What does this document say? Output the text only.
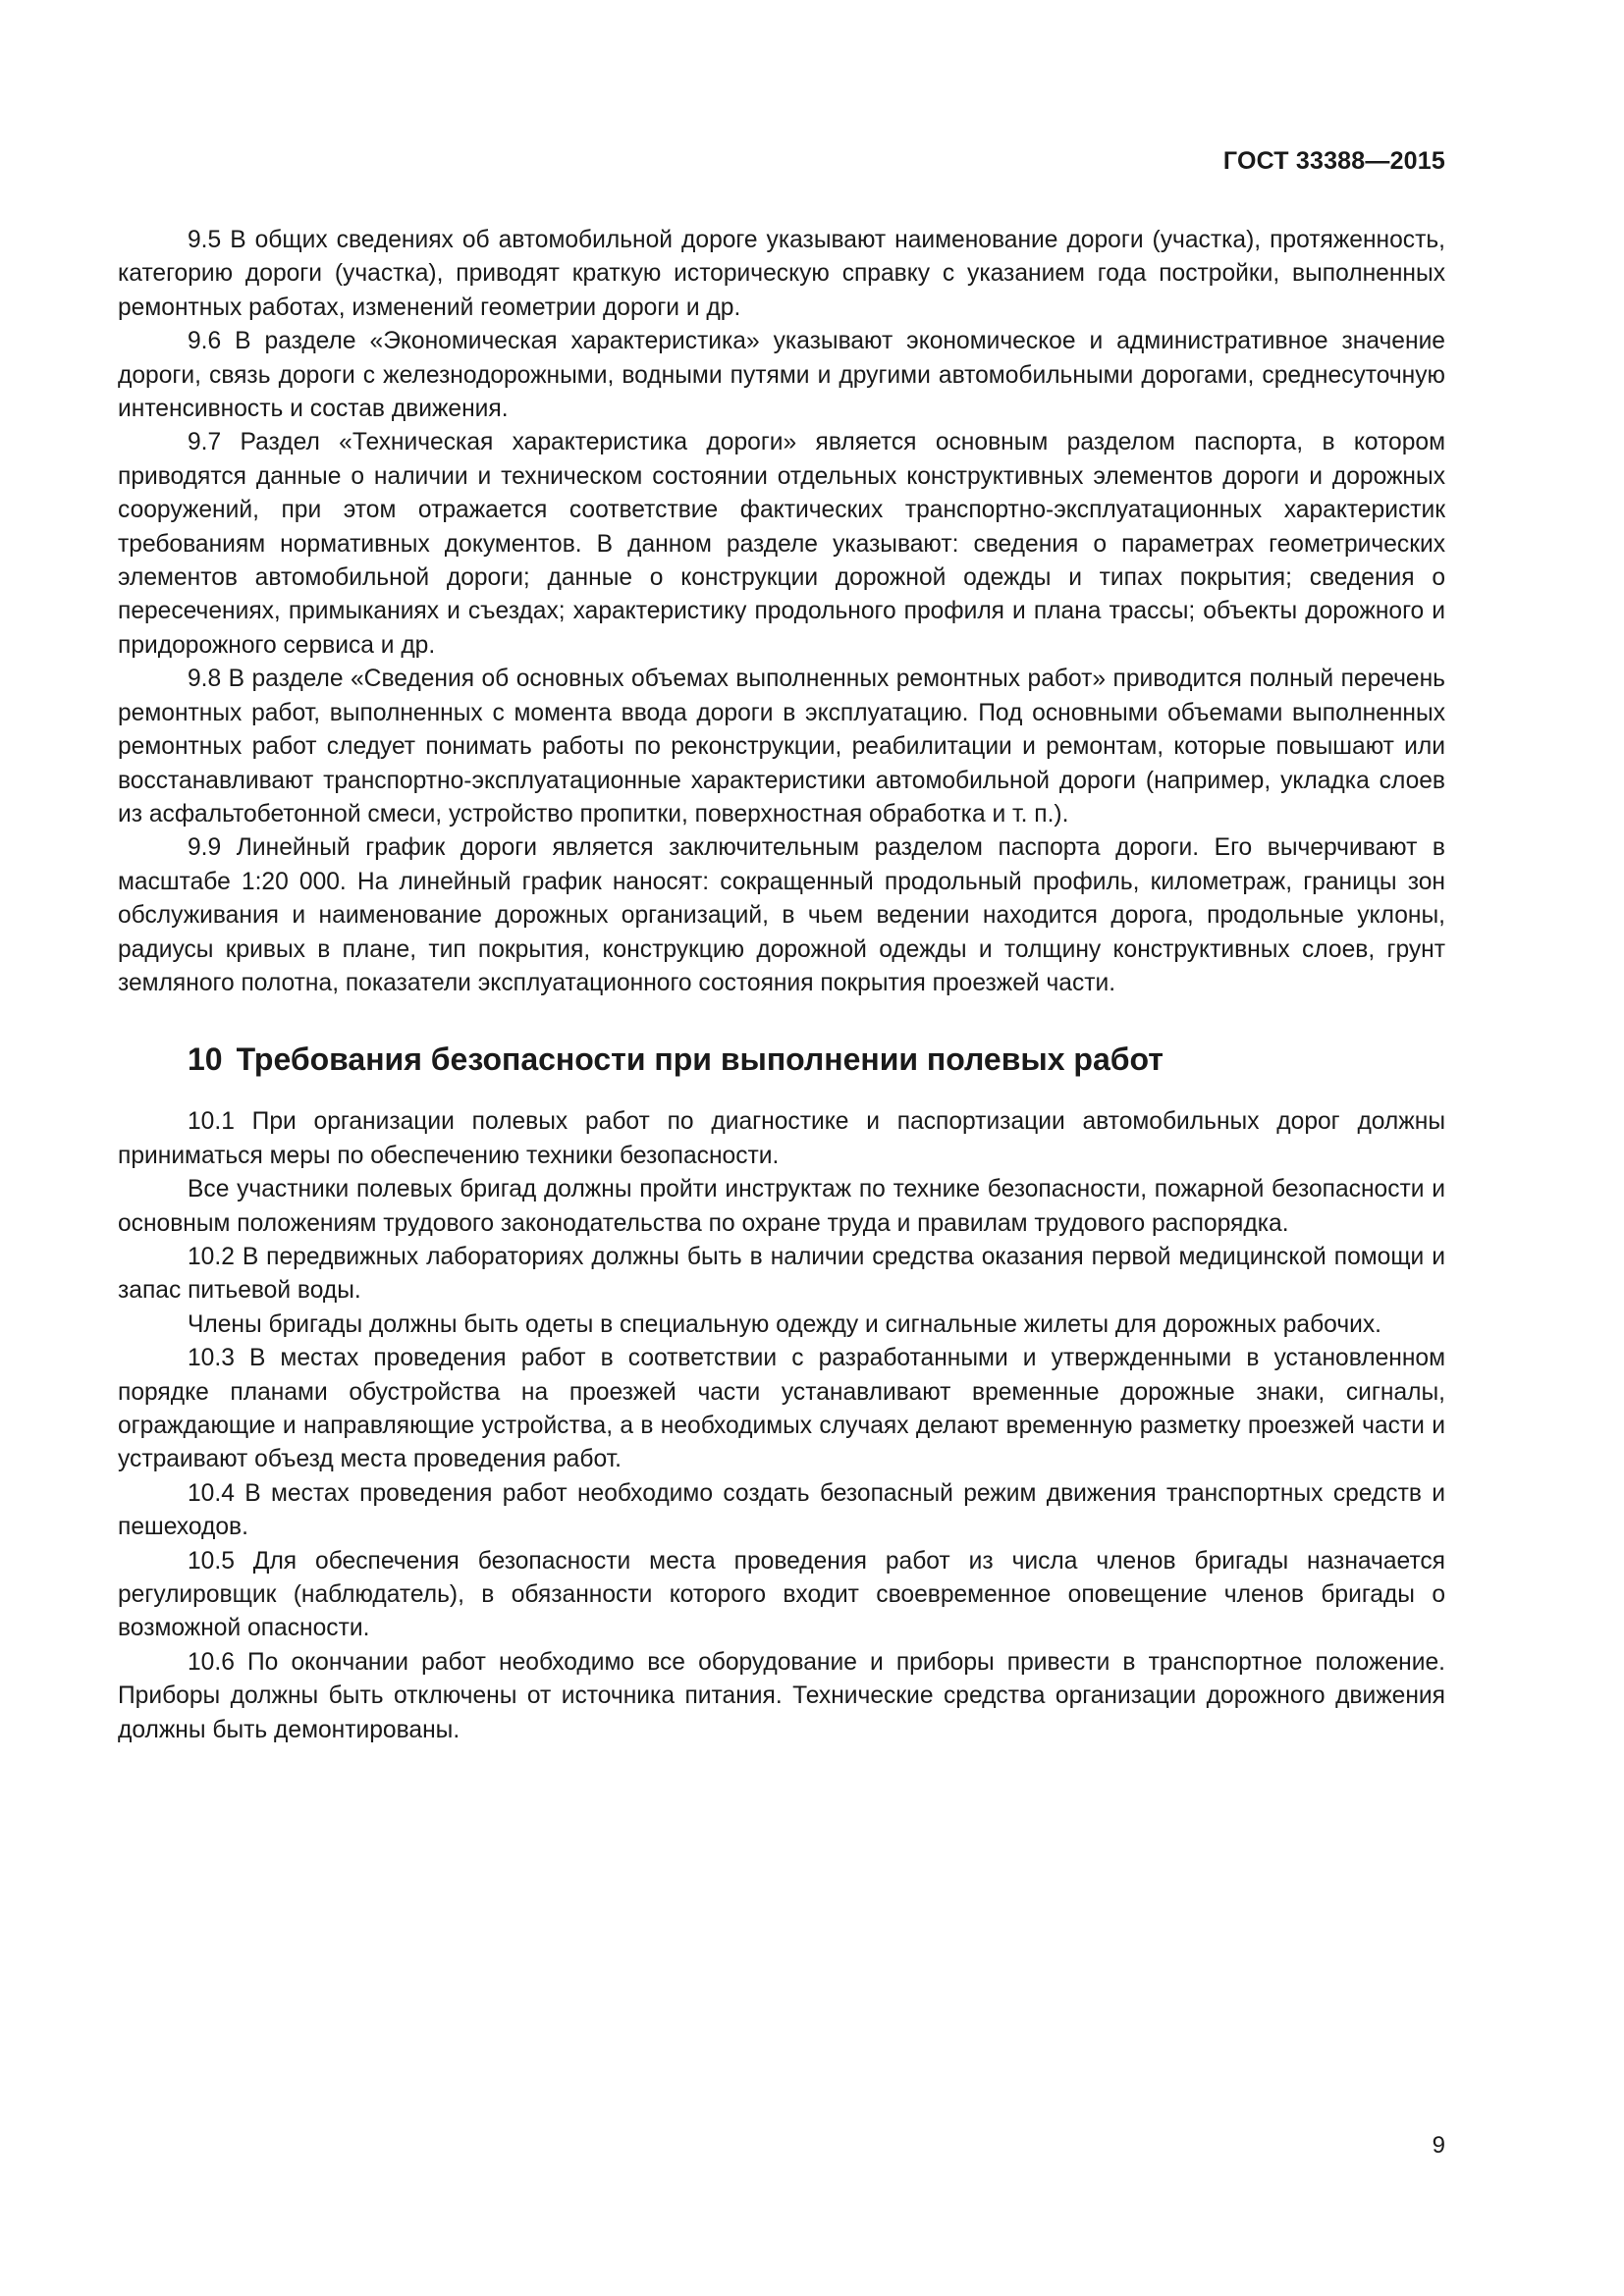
ГОСТ 33388—2015

9.5 В общих сведениях об автомобильной дороге указывают наименование дороги (участка), протяженность, категорию дороги (участка), приводят краткую историческую справку с указанием года постройки, выполненных ремонтных работах, изменений геометрии дороги и др.

9.6 В разделе «Экономическая характеристика» указывают экономическое и административное значение дороги, связь дороги с железнодорожными, водными путями и другими автомобильными дорогами, среднесуточную интенсивность и состав движения.

9.7 Раздел «Техническая характеристика дороги» является основным разделом паспорта, в котором приводятся данные о наличии и техническом состоянии отдельных конструктивных элементов дороги и дорожных сооружений, при этом отражается соответствие фактических транспортно-эксплуатационных характеристик требованиям нормативных документов. В данном разделе указывают: сведения о параметрах геометрических элементов автомобильной дороги; данные о конструкции дорожной одежды и типах покрытия; сведения о пересечениях, примыканиях и съездах; характеристику продольного профиля и плана трассы; объекты дорожного и придорожного сервиса и др.

9.8 В разделе «Сведения об основных объемах выполненных ремонтных работ» приводится полный перечень ремонтных работ, выполненных с момента ввода дороги в эксплуатацию. Под основными объемами выполненных ремонтных работ следует понимать работы по реконструкции, реабилитации и ремонтам, которые повышают или восстанавливают транспортно-эксплуатационные характеристики автомобильной дороги (например, укладка слоев из асфальтобетонной смеси, устройство пропитки, поверхностная обработка и т. п.).

9.9 Линейный график дороги является заключительным разделом паспорта дороги. Его вычерчивают в масштабе 1:20 000. На линейный график наносят: сокращенный продольный профиль, километраж, границы зон обслуживания и наименование дорожных организаций, в чьем ведении находится дорога, продольные уклоны, радиусы кривых в плане, тип покрытия, конструкцию дорожной одежды и толщину конструктивных слоев, грунт земляного полотна, показатели эксплуатационного состояния покрытия проезжей части.

10 Требования безопасности при выполнении полевых работ

10.1 При организации полевых работ по диагностике и паспортизации автомобильных дорог должны приниматься меры по обеспечению техники безопасности.

Все участники полевых бригад должны пройти инструктаж по технике безопасности, пожарной безопасности и основным положениям трудового законодательства по охране труда и правилам трудового распорядка.

10.2 В передвижных лабораториях должны быть в наличии средства оказания первой медицинской помощи и запас питьевой воды.

Члены бригады должны быть одеты в специальную одежду и сигнальные жилеты для дорожных рабочих.

10.3 В местах проведения работ в соответствии с разработанными и утвержденными в установленном порядке планами обустройства на проезжей части устанавливают временные дорожные знаки, сигналы, ограждающие и направляющие устройства, а в необходимых случаях делают временную разметку проезжей части и устраивают объезд места проведения работ.

10.4 В местах проведения работ необходимо создать безопасный режим движения транспортных средств и пешеходов.

10.5 Для обеспечения безопасности места проведения работ из числа членов бригады назначается регулировщик (наблюдатель), в обязанности которого входит своевременное оповещение членов бригады о возможной опасности.

10.6 По окончании работ необходимо все оборудование и приборы привести в транспортное положение. Приборы должны быть отключены от источника питания. Технические средства организации дорожного движения должны быть демонтированы.

9
